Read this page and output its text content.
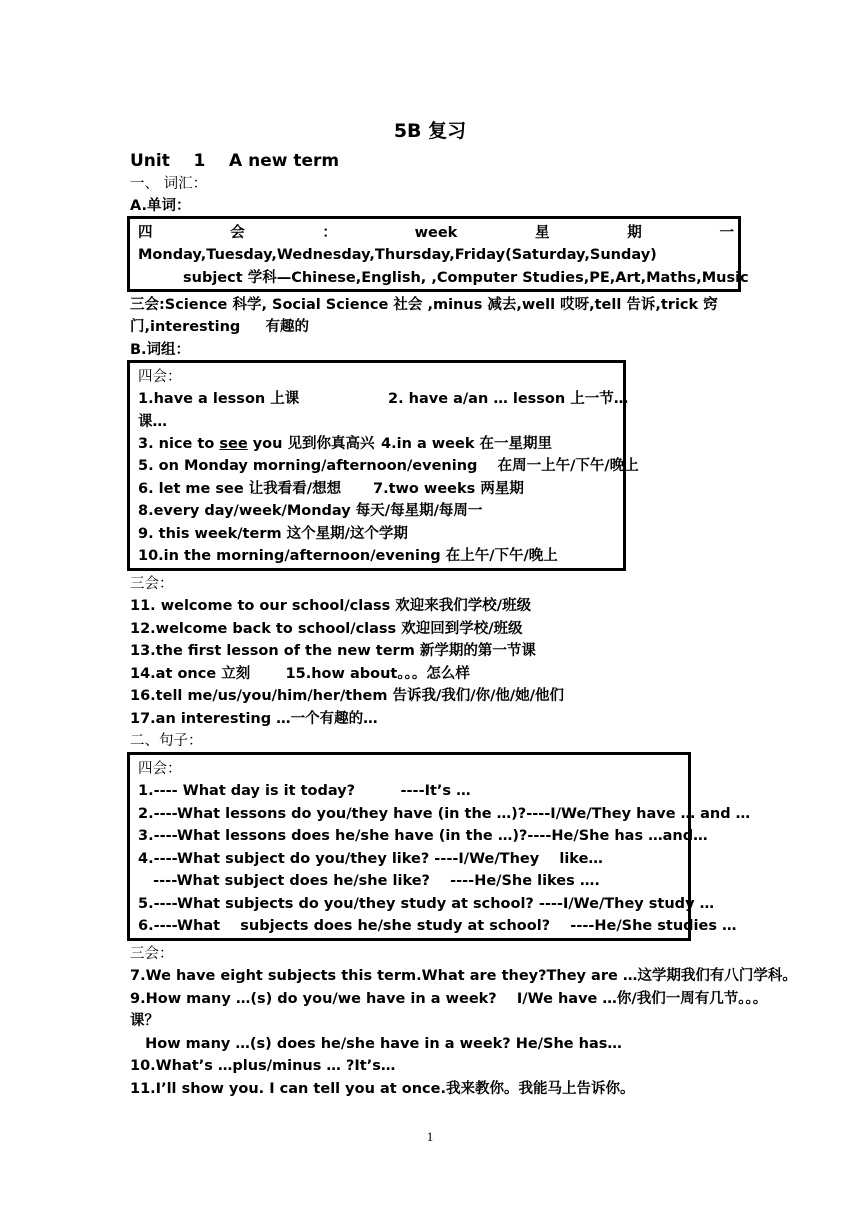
5B 复习
Unit    1    A new term
一、 词汇：
A.单词：
四	会	：	week	星	期	一
Monday,Tuesday,Wednesday,Thursday,Friday(Saturday,Sunday)
subject 学科—Chinese,English, ,Computer Studies,PE,Art,Maths,Music
三会:Science 科学, Social Science 社会 ,minus 减去,well 哎呀,tell 告诉,trick 窍
门,interesting     有趣的
B.词组：
四会：
1.have a lesson 上课	2. have a/an … lesson 上一节…
课…
3. nice to see you 见到你真高兴 4.in a week 在一星期里
5. on Monday morning/afternoon/evening    在周一上午/下午/晚上
6. let me see 让我看看/想想 7.two weeks 两星期
8.every day/week/Monday 每天/每星期/每周一
9. this week/term 这个星期/这个学期
10.in the morning/afternoon/evening 在上午/下午/晚上
三会：
11. welcome to our school/class 欢迎来我们学校/班级
12.welcome back to school/class 欢迎回到学校/班级
13.the first lesson of the new term 新学期的第一节课
14.at once 立刻       15.how about。。。怎么样
16.tell me/us/you/him/her/them 告诉我/我们/你/他/她/他们
17.an interesting …一个有趣的…
二、句子：
四会：
1.---- What day is it today?         ----It’s …
2.----What lessons do you/they have (in the …)?----I/We/They have … and …
3.----What lessons does he/she have (in the …)?----He/She has …and…
4.----What subject do you/they like? ----I/We/They    like…
----What subject does he/she like?    ----He/She likes ….
5.----What subjects do you/they study at school? ----I/We/They study …
6.----What    subjects does he/she study at school?    ----He/She studies …
三会：
7.We have eight subjects this term.What are they?They are …这学期我们有八门学科。
9.How many …(s) do you/we have in a week?    I/We have …你/我们一周有几节。。。
课？
How many …(s) does he/she have in a week? He/She has…
10.What’s …plus/minus … ?It’s…
11.I’ll show you. I can tell you at once.我来教你。我能马上告诉你。
1
